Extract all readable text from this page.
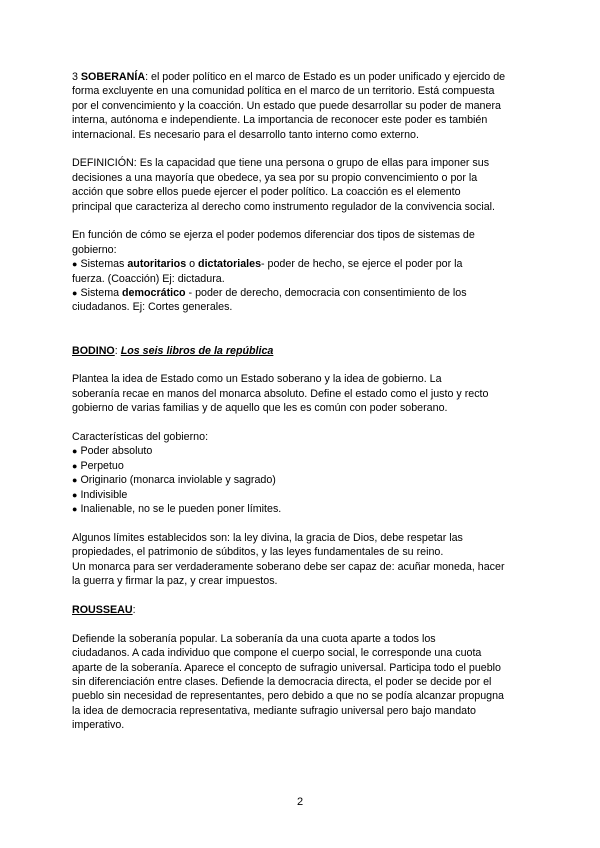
3 SOBERANÍA: el poder político en el marco de Estado es un poder unificado y ejercido de

forma excluyente en una comunidad política en el marco de un territorio. Está compuesta

por el convencimiento y la coacción. Un estado que puede desarrollar su poder de manera

interna, autónoma e independiente. La importancia de reconocer este poder es también

internacional. Es necesario para el desarrollo tanto interno como externo.

DEFINICIÓN: Es la capacidad que tiene una persona o grupo de ellas para imponer sus

decisiones a una mayoría que obedece, ya sea por su propio convencimiento o por la

acción que sobre ellos puede ejercer el poder político. La coacción es el elemento

principal que caracteriza al derecho como instrumento regulador de la convivencia social.

En función de cómo se ejerza el poder podemos diferenciar dos tipos de sistemas de

gobierno:

● Sistemas autoritarios o dictatoriales- poder de hecho, se ejerce el poder por la

fuerza. (Coacción) Ej: dictadura.

● Sistema democrático - poder de derecho, democracia con consentimiento de los

ciudadanos. Ej: Cortes generales.

BODINO: Los seis libros de la república

Plantea la idea de Estado como un Estado soberano y la idea de gobierno. La

soberanía recae en manos del monarca absoluto. Define el estado como el justo y recto

gobierno de varias familias y de aquello que les es común con poder soberano.

Características del gobierno:

● Poder absoluto

● Perpetuo

● Originario (monarca inviolable y sagrado)

● Indivisible

● Inalienable, no se le pueden poner límites.

Algunos límites establecidos son: la ley divina, la gracia de Dios, debe respetar las

propiedades, el patrimonio de súbditos, y las leyes fundamentales de su reino.

Un monarca para ser verdaderamente soberano debe ser capaz de: acuñar moneda, hacer

la guerra y firmar la paz, y crear impuestos.

ROUSSEAU:

Defiende la soberanía popular. La soberanía da una cuota aparte a todos los

ciudadanos. A cada individuo que compone el cuerpo social, le corresponde una cuota

aparte de la soberanía. Aparece el concepto de sufragio universal. Participa todo el pueblo

sin diferenciación entre clases. Defiende la democracia directa, el poder se decide por el

pueblo sin necesidad de representantes, pero debido a que no se podía alcanzar propugna

la idea de democracia representativa, mediante sufragio universal pero bajo mandato

imperativo.

2
